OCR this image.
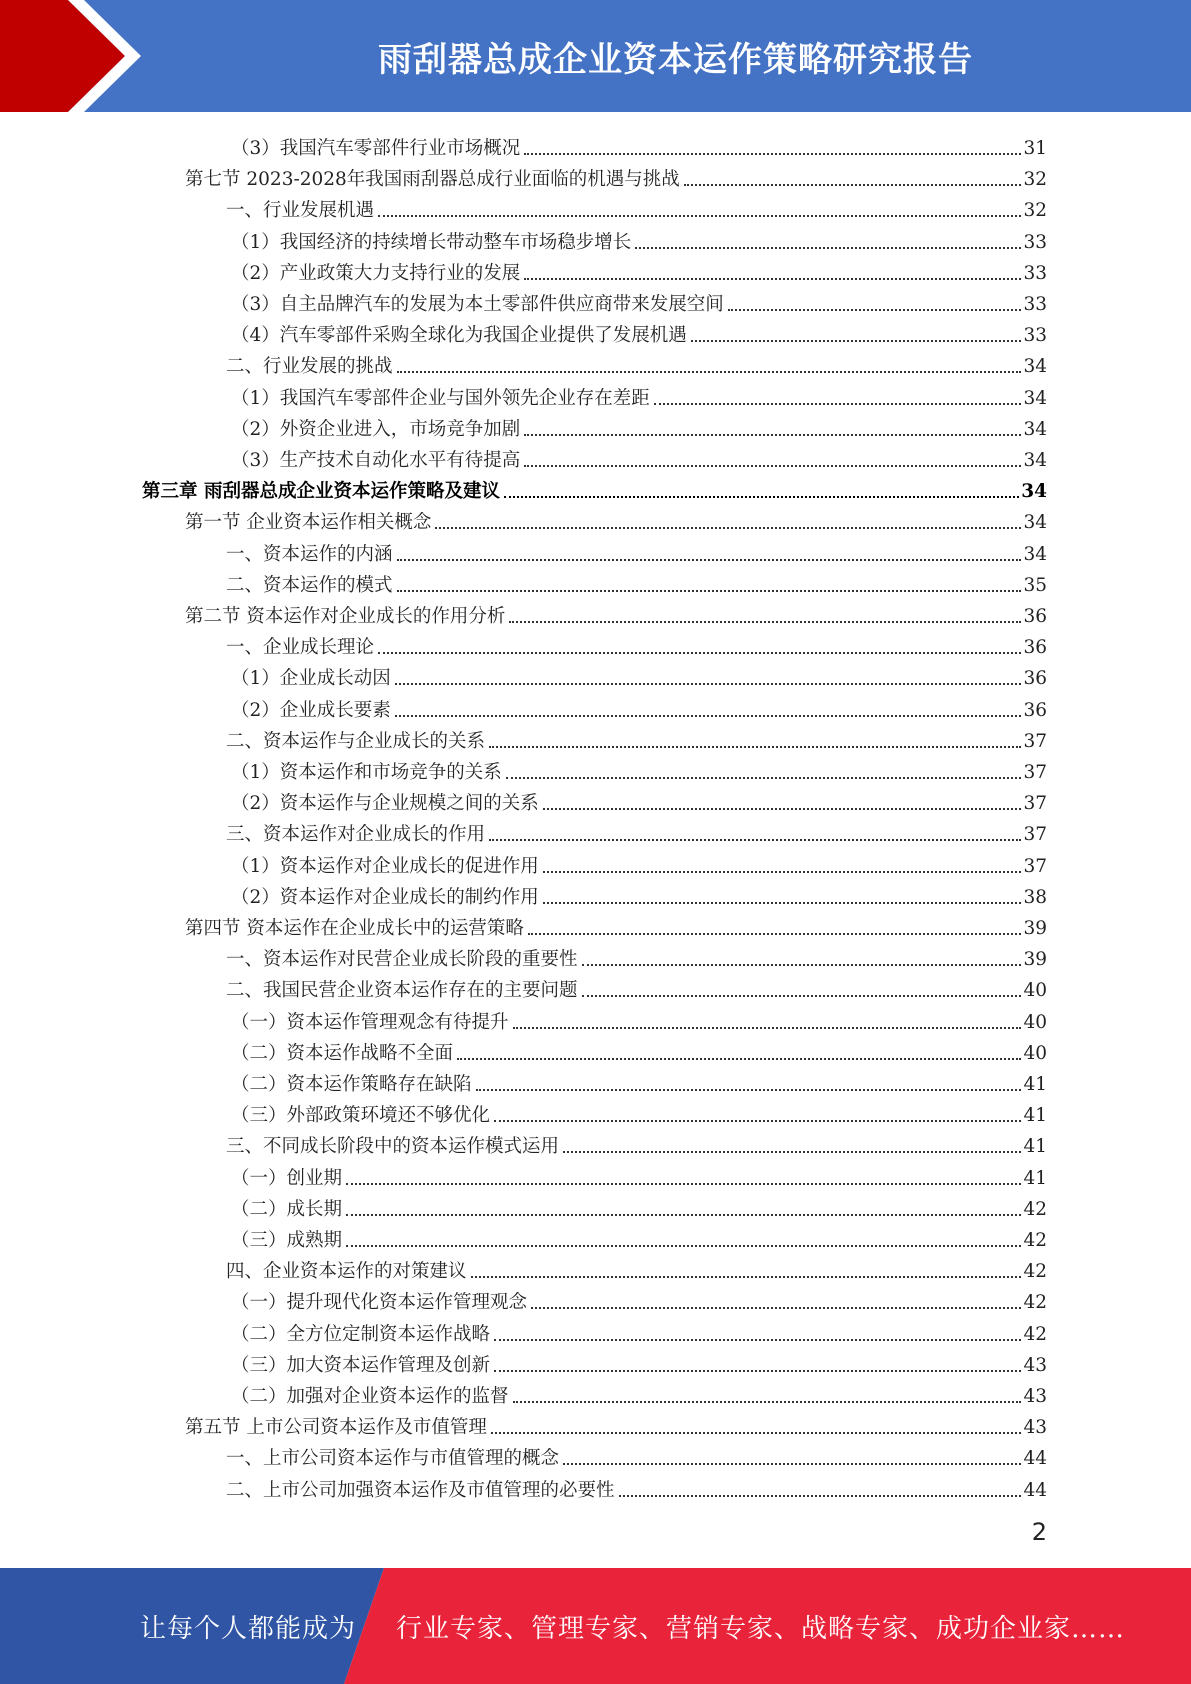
雨刮器总成企业资本运作策略研究报告
（3）我国汽车零部件行业市场概况	31
第七节 2023-2028年我国雨刮器总成行业面临的机遇与挑战	32
一、行业发展机遇	32
（1）我国经济的持续增长带动整车市场稳步增长	33
（2）产业政策大力支持行业的发展	33
（3）自主品牌汽车的发展为本土零部件供应商带来发展空间	33
（4）汽车零部件采购全球化为我国企业提供了发展机遇	33
二、行业发展的挑战	34
（1）我国汽车零部件企业与国外领先企业存在差距	34
（2）外资企业进入，市场竞争加剧	34
（3）生产技术自动化水平有待提高	34
第三章 雨刮器总成企业资本运作策略及建议	34
第一节 企业资本运作相关概念	34
一、资本运作的内涵	34
二、资本运作的模式	35
第二节 资本运作对企业成长的作用分析	36
一、企业成长理论	36
（1）企业成长动因	36
（2）企业成长要素	36
二、资本运作与企业成长的关系	37
（1）资本运作和市场竞争的关系	37
（2）资本运作与企业规模之间的关系	37
三、资本运作对企业成长的作用	37
（1）资本运作对企业成长的促进作用	37
（2）资本运作对企业成长的制约作用	38
第四节 资本运作在企业成长中的运营策略	39
一、资本运作对民营企业成长阶段的重要性	39
二、我国民营企业资本运作存在的主要问题	40
（一）资本运作管理观念有待提升	40
（二）资本运作战略不全面	40
（二）资本运作策略存在缺陷	41
（三）外部政策环境还不够优化	41
三、不同成长阶段中的资本运作模式运用	41
（一）创业期	41
（二）成长期	42
（三）成熟期	42
四、企业资本运作的对策建议	42
（一）提升现代化资本运作管理观念	42
（二）全方位定制资本运作战略	42
（三）加大资本运作管理及创新	43
（二）加强对企业资本运作的监督	43
第五节 上市公司资本运作及市值管理	43
一、上市公司资本运作与市值管理的概念	44
二、上市公司加强资本运作及市值管理的必要性	44
2
让每个人都能成为 行业专家、管理专家、营销专家、战略专家、成功企业家……
